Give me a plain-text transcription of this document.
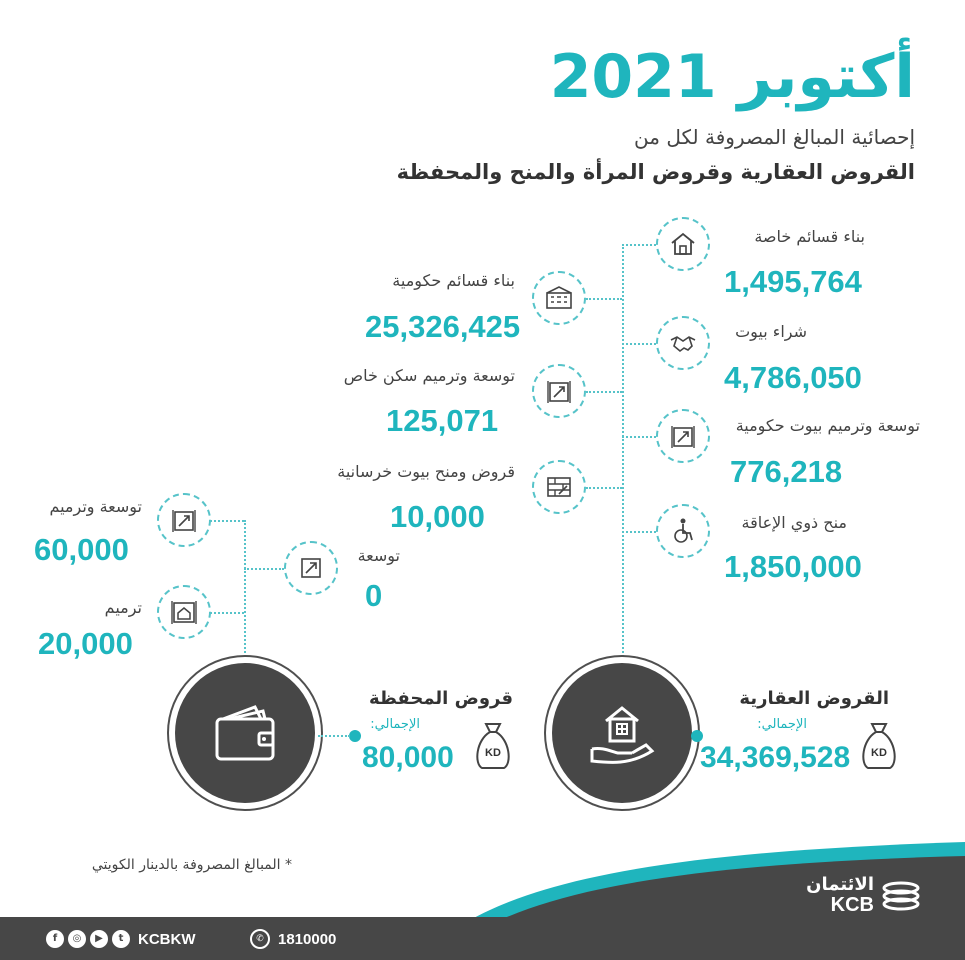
أكتوبر 2021
إحصائية المبالغ المصروفة لكل من
القروض العقارية وقروض المرأة والمنح والمحفظة
بناء قسائم خاصة
1,495,764
شراء بيوت
4,786,050
توسعة وترميم بيوت حكومية
776,218
منح ذوي الإعاقة
1,850,000
بناء قسائم حكومية
25,326,425
توسعة وترميم سكن خاص
125,071
قروض ومنح بيوت خرسانية
10,000
توسعة
0
توسعة وترميم
60,000
ترميم
20,000
القروض العقارية
الإجمالي:
34,369,528 KD
قروض المحفظة
الإجمالي:
80,000	KD
* المبالغ المصروفة بالدينار الكويتي
الائتمان
KCB
f ◎ ▶ t KCBKW	✆ 1810000
